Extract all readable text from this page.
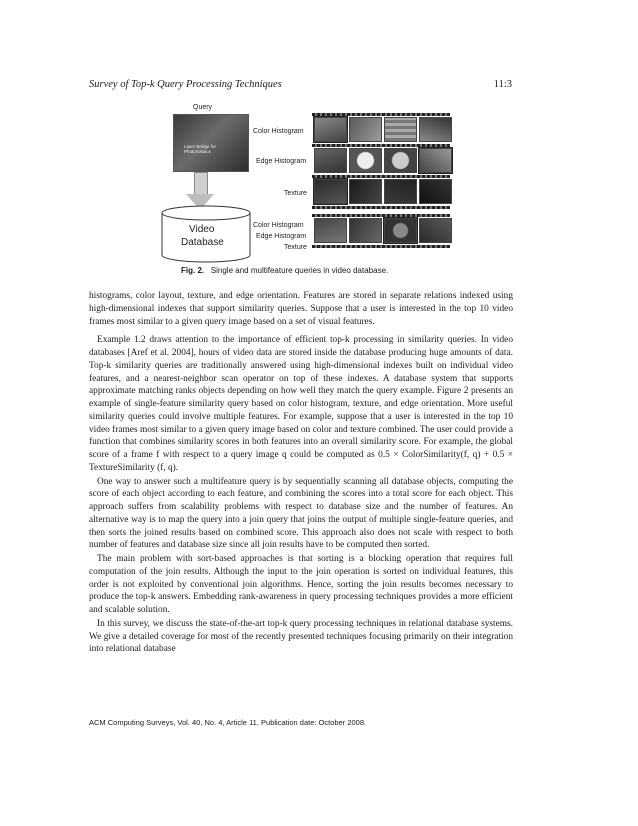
Survey of Top-k Query Processing Techniques	11:3
Query
Laser Bridge for Photovoltaics
Video
Database
Color Histogram
Edge Histogram
Texture
Color Histogram
Edge Histogram
Texture
Fig. 2. Single and multifeature queries in video database.

histograms, color layout, texture, and edge orientation. Features are stored in separate relations indexed using high-dimensional indexes that support similarity queries. Suppose that a user is interested in the top 10 video frames most similar to a given query image based on a set of visual features.

Example 1.2 draws attention to the importance of efficient top-k processing in similarity queries. In video databases [Aref et al. 2004], hours of video data are stored inside the database producing huge amounts of data. Top-k similarity queries are traditionally answered using high-dimensional indexes built on individual video features, and a nearest-neighbor scan operator on top of these indexes. A database system that supports approximate matching ranks objects depending on how well they match the query example. Figure 2 presents an example of single-feature similarity query based on color histogram, texture, and edge orientation. More useful similarity queries could involve multiple features. For example, suppose that a user is interested in the top 10 video frames most similar to a given query image based on color and texture combined. The user could provide a function that combines similarity scores in both features into an overall similarity score. For example, the global score of a frame f with respect to a query image q could be computed as 0.5 × ColorSimilarity(f, q) + 0.5 × TextureSimilarity (f, q).

One way to answer such a multifeature query is by sequentially scanning all database objects, computing the score of each object according to each feature, and combining the scores into a total score for each object. This approach suffers from scalability problems with respect to database size and the number of features. An alternative way is to map the query into a join query that joins the output of multiple single-feature queries, and then sorts the joined results based on combined score. This approach also does not scale with respect to both number of features and database size since all join results have to be computed then sorted.

The main problem with sort-based approaches is that sorting is a blocking operation that requires full computation of the join results. Although the input to the join operation is sorted on individual features, this order is not exploited by conventional join algorithms. Hence, sorting the join results becomes necessary to produce the top-k answers. Embedding rank-awareness in query processing techniques provides a more efficient and scalable solution.

In this survey, we discuss the state-of-the-art top-k query processing techniques in relational database systems. We give a detailed coverage for most of the recently presented techniques focusing primarily on their integration into relational database

ACM Computing Surveys, Vol. 40, No. 4, Article 11, Publication date: October 2008.
